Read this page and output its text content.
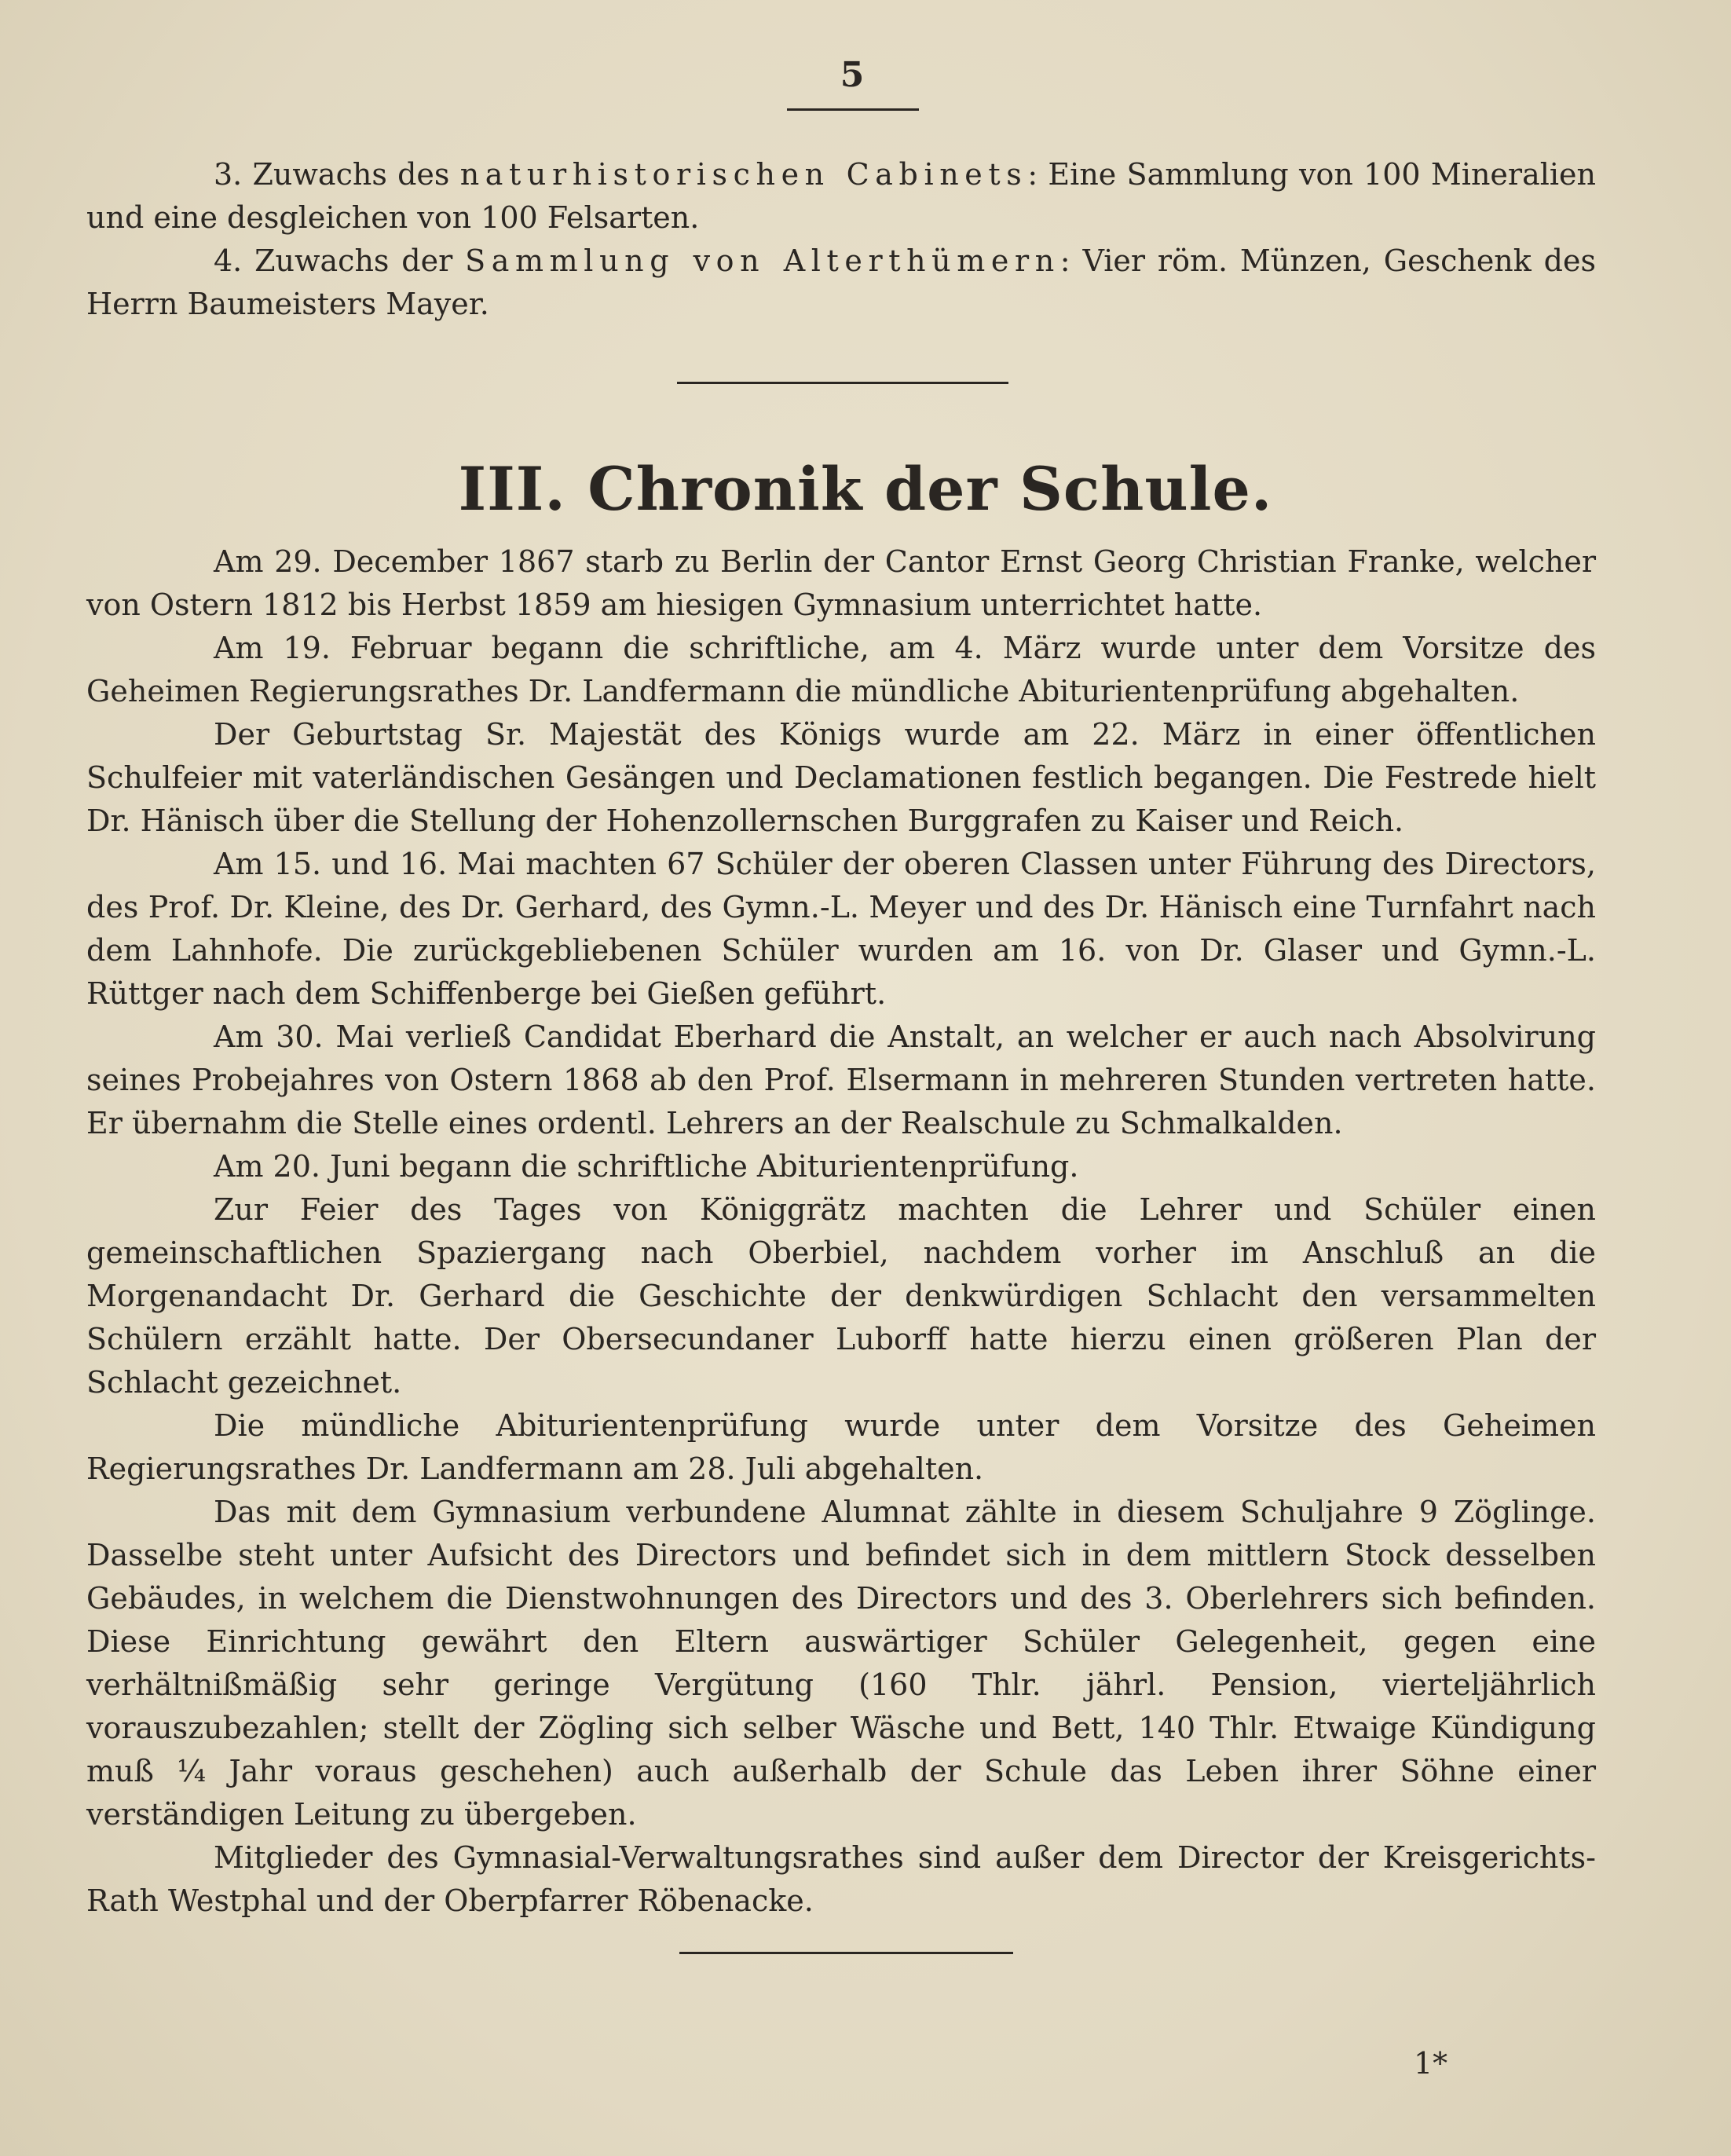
5

3. Zuwachs des naturhistorischen Cabinets: Eine Sammlung von 100 Mineralien und eine desgleichen von 100 Felsarten.

4. Zuwachs der Sammlung von Alterthümern: Vier röm. Münzen, Geschenk des Herrn Baumeisters Mayer.

III. Chronik der Schule.

Am 29. December 1867 starb zu Berlin der Cantor Ernst Georg Christian Franke, welcher von Ostern 1812 bis Herbst 1859 am hiesigen Gymnasium unterrichtet hatte.

Am 19. Februar begann die schriftliche, am 4. März wurde unter dem Vorsitze des Geheimen Regierungsrathes Dr. Landfermann die mündliche Abiturientenprüfung abgehalten.

Der Geburtstag Sr. Majestät des Königs wurde am 22. März in einer öffentlichen Schulfeier mit vaterländischen Gesängen und Declamationen festlich begangen. Die Festrede hielt Dr. Hänisch über die Stellung der Hohenzollernschen Burggrafen zu Kaiser und Reich.

Am 15. und 16. Mai machten 67 Schüler der oberen Classen unter Führung des Directors, des Prof. Dr. Kleine, des Dr. Gerhard, des Gymn.-L. Meyer und des Dr. Hänisch eine Turnfahrt nach dem Lahnhofe. Die zurückgebliebenen Schüler wurden am 16. von Dr. Glaser und Gymn.-L. Rüttger nach dem Schiffenberge bei Gießen geführt.

Am 30. Mai verließ Candidat Eberhard die Anstalt, an welcher er auch nach Absolvirung seines Probejahres von Ostern 1868 ab den Prof. Elsermann in mehreren Stunden vertreten hatte. Er übernahm die Stelle eines ordentl. Lehrers an der Realschule zu Schmalkalden.

Am 20. Juni begann die schriftliche Abiturientenprüfung.

Zur Feier des Tages von Königgrätz machten die Lehrer und Schüler einen gemeinschaftlichen Spaziergang nach Oberbiel, nachdem vorher im Anschluß an die Morgenandacht Dr. Gerhard die Geschichte der denkwürdigen Schlacht den versammelten Schülern erzählt hatte. Der Obersecundaner Luborff hatte hierzu einen größeren Plan der Schlacht gezeichnet.

Die mündliche Abiturientenprüfung wurde unter dem Vorsitze des Geheimen Regierungsrathes Dr. Landfermann am 28. Juli abgehalten.

Das mit dem Gymnasium verbundene Alumnat zählte in diesem Schuljahre 9 Zöglinge. Dasselbe steht unter Aufsicht des Directors und befindet sich in dem mittlern Stock desselben Gebäudes, in welchem die Dienstwohnungen des Directors und des 3. Oberlehrers sich befinden. Diese Einrichtung gewährt den Eltern auswärtiger Schüler Gelegenheit, gegen eine verhältnißmäßig sehr geringe Vergütung (160 Thlr. jährl. Pension, vierteljährlich vorauszubezahlen; stellt der Zögling sich selber Wäsche und Bett, 140 Thlr. Etwaige Kündigung muß ¼ Jahr voraus geschehen) auch außerhalb der Schule das Leben ihrer Söhne einer verständigen Leitung zu übergeben.

Mitglieder des Gymnasial-Verwaltungsrathes sind außer dem Director der Kreisgerichts-Rath Westphal und der Oberpfarrer Röbenacke.

1*
